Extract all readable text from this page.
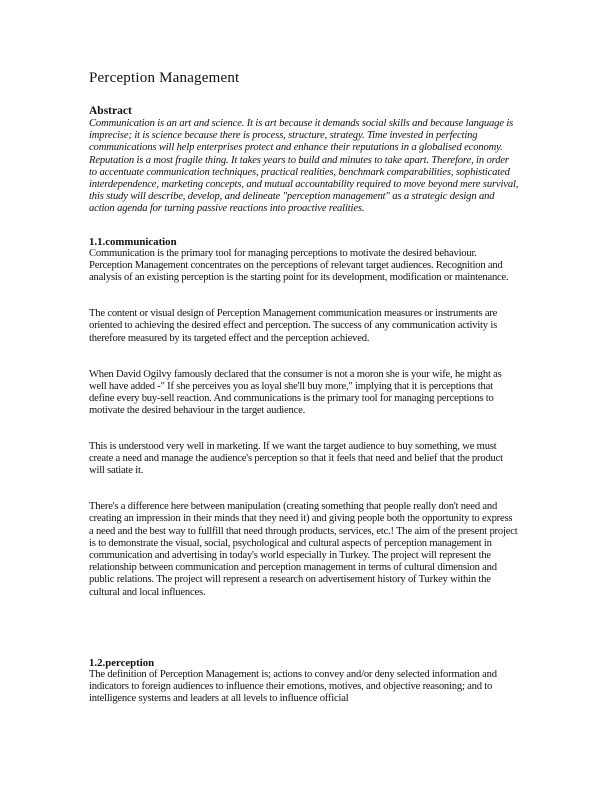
Perception Management
Abstract

Communication is an art and science. It is art because it demands social skills and because language is imprecise; it is science because there is process, structure, strategy. Time invested in perfecting communications will help enterprises protect and enhance their reputations in a globalised economy. Reputation is a most fragile thing. It takes years to build and minutes to take apart. Therefore, in order to accentuate communication techniques, practical realities, benchmark comparabilities, sophisticated interdependence, marketing concepts, and mutual accountability required to move beyond mere survival, this study will describe, develop, and delineate "perception management" as a strategic design and action agenda for turning passive reactions into proactive realities.

1.1.communication

Communication is the primary tool for managing perceptions to motivate the desired behaviour. Perception Management concentrates on the perceptions of relevant target audiences. Recognition and analysis of an existing perception is the starting point for its development, modification or maintenance.

The content or visual design of Perception Management communication measures or instruments are oriented to achieving the desired effect and perception. The success of any communication activity is therefore measured by its targeted effect and the perception achieved.

When David Ogilvy famously declared that the consumer is not a moron she is your wife, he might as well have added -" If she perceives you as loyal she'll buy more," implying that it is perceptions that define every buy-sell reaction. And communications is the primary tool for managing perceptions to motivate the desired behaviour in the target audience.

This is understood very well in marketing. If we want the target audience to buy something, we must create a need and manage the audience's perception so that it feels that need and belief that the product will satiate it.

There's a difference here between manipulation (creating something that people really don't need and creating an impression in their minds that they need it) and giving people both the opportunity to express a need and the best way to fullfill that need through products, services, etc.! The aim of the present project is to demonstrate the visual, social, psychological and cultural aspects of perception management in communication and advertising in today's world especially in Turkey. The project will represent the relationship between communication and perception management in terms of cultural dimension and public relations. The project will represent a research on advertisement history of Turkey within the cultural and local influences.

1.2.perception

The definition of Perception Management is; actions to convey and/or deny selected information and indicators to foreign audiences to influence their emotions, motives, and objective reasoning; and to intelligence systems and leaders at all levels to influence official
